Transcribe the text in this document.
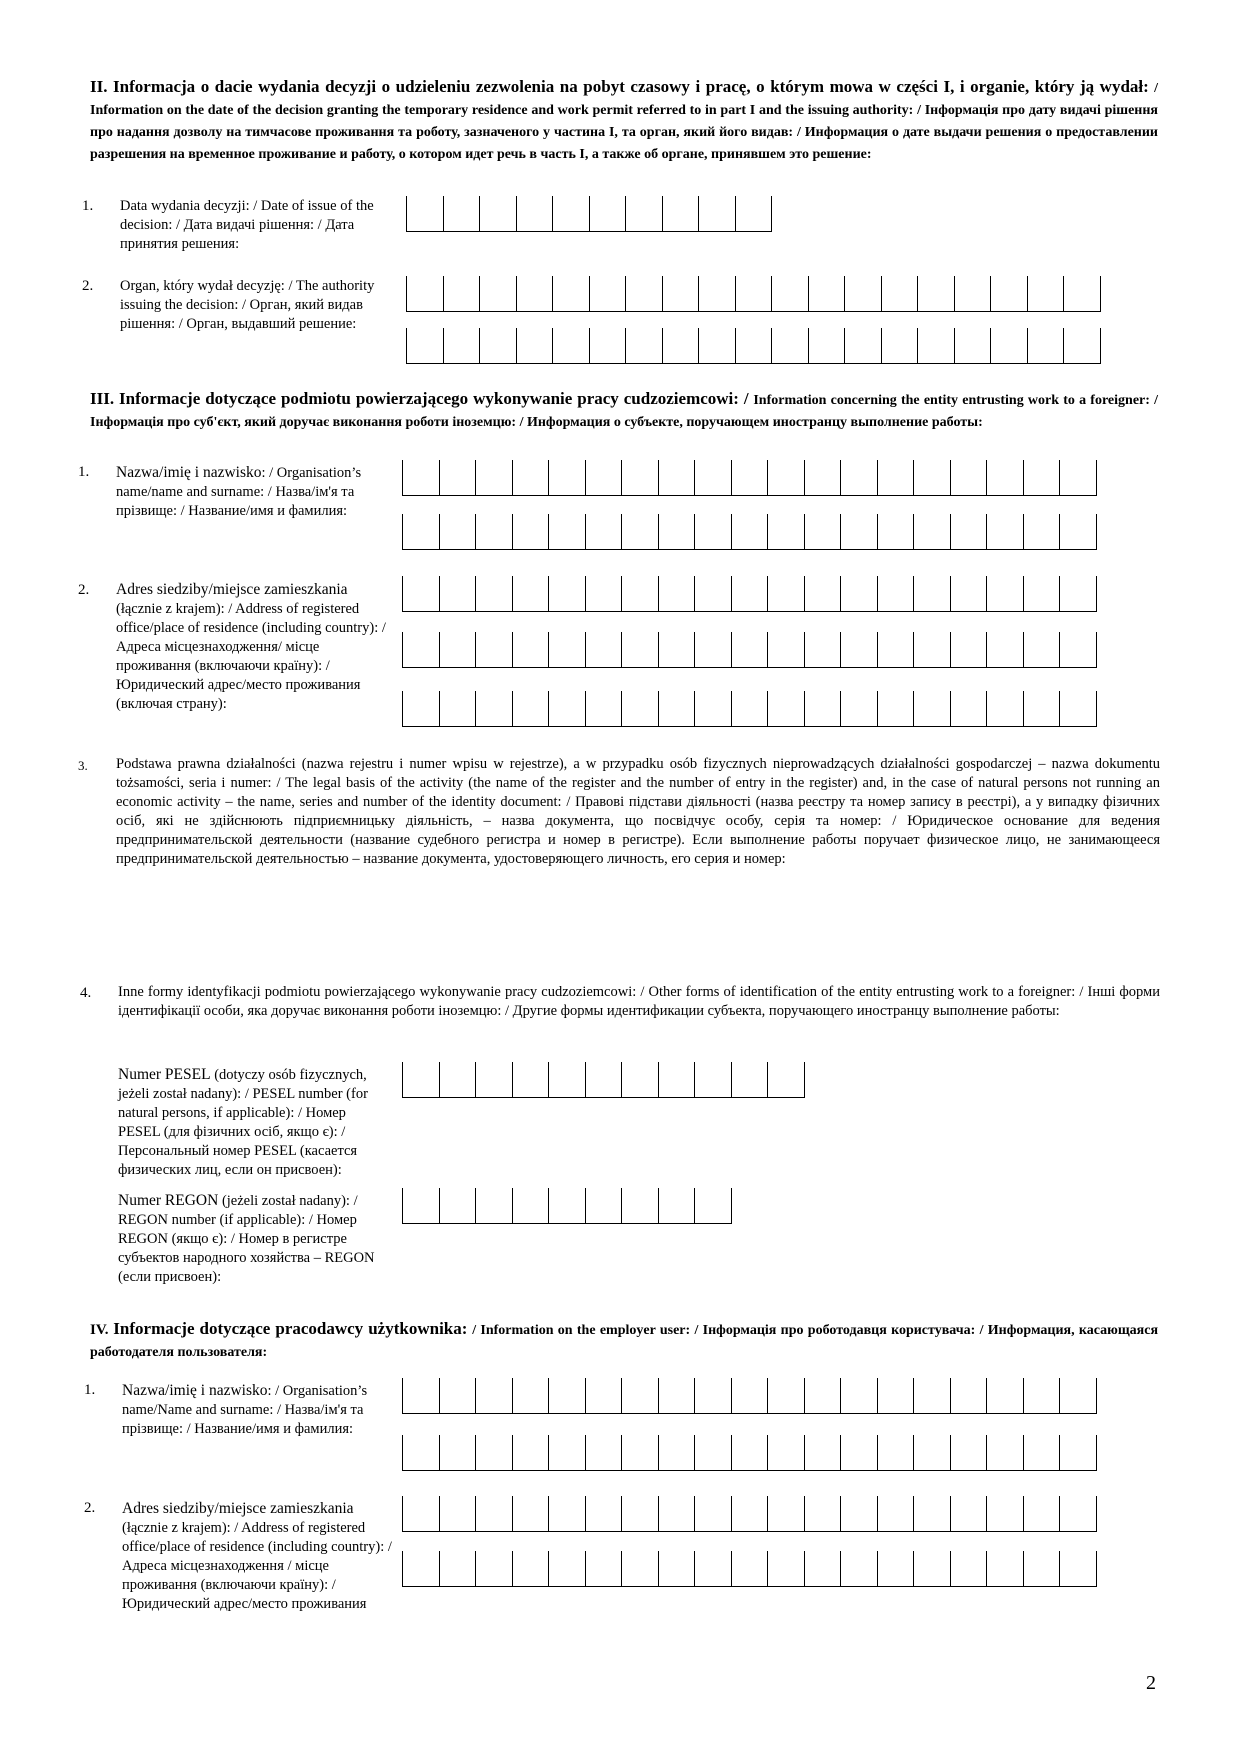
II. Informacja o dacie wydania decyzji o udzieleniu zezwolenia na pobyt czasowy i pracę, o którym mowa w części I, i organie, który ją wydał: / Information on the date of the decision granting the temporary residence and work permit referred to in part I and the issuing authority: / Інформація про дату видачі рішення про надання дозволу на тимчасове проживання та роботу, зазначеного у частина I, та орган, який його видав: / Информация о дате выдачи решения о предоставлении разрешения на временное проживание и работу, о котором идет речь в часть I, а также об органе, принявшем это решение:
1. Data wydania decyzji: / Date of issue of the decision: / Дата видачі рішення: / Дата принятия решения:
2. Organ, który wydał decyzję: / The authority issuing the decision: / Орган, який видав рішення: / Орган, выдавший решение:
III. Informacje dotyczące podmiotu powierzającego wykonywanie pracy cudzoziemcowi: / Information concerning the entity entrusting work to a foreigner: / Інформація про суб'єкт, який доручає виконання роботи іноземцю: / Информация о субъекте, поручающем иностранцу выполнение работы:
1. Nazwa/imię i nazwisko: / Organisation’s name/name and surname: / Назва/ім'я та прізвище: / Название/имя и фамилия:
2. Adres siedziby/miejsce zamieszkania (łącznie z krajem): / Address of registered office/place of residence (including country): / Адреса місцезнаходження/ місце проживання (включаючи країну): / Юридический адрес/место проживания (включая страну):
3. Podstawa prawna działalności (nazwa rejestru i numer wpisu w rejestrze), a w przypadku osób fizycznych nieprowadzących działalności gospodarczej – nazwa dokumentu tożsamości, seria i numer: / The legal basis of the activity (the name of the register and the number of entry in the register) and, in the case of natural persons not running an economic activity – the name, series and number of the identity document: / Правові підстави діяльності (назва реєстру та номер запису в реєстрі), а у випадку фізичних осіб, які не здійснюють підприємницьку діяльність, – назва документа, що посвідчує особу, серія та номер: / Юридическое основание для ведения предпринимательской деятельности (название судебного регистра и номер в регистре). Если выполнение работы поручает физическое лицо, не занимающееся предпринимательской деятельностью – название документа, удостоверяющего личность, его серия и номер:
4. Inne formy identyfikacji podmiotu powierzającego wykonywanie pracy cudzoziemcowi: / Other forms of identification of the entity entrusting work to a foreigner: / Інші форми ідентифікації особи, яка доручає виконання роботи іноземцю: / Другие формы идентификации субъекта, поручающего иностранцу выполнение работы:
Numer PESEL (dotyczy osób fizycznych, jeżeli został nadany): / PESEL number (for natural persons, if applicable): / Номер PESEL (для фізичних осіб, якщо є): / Персональный номер PESEL (касается физических лиц, если он присвоен):
Numer REGON (jeżeli został nadany): / REGON number (if applicable): / Номер REGON (якщо є): / Номер в регистре субъектов народного хозяйства – REGON (если присвоен):
IV. Informacje dotyczące pracodawcy użytkownika: / Information on the employer user: / Інформація про роботодавця користувача: / Информация, касающаяся работодателя пользователя:
1. Nazwa/imię i nazwisko: / Organisation’s name/Name and surname: / Назва/ім'я та прізвище: / Название/имя и фамилия:
2. Adres siedziby/miejsce zamieszkania (łącznie z krajem): / Address of registered office/place of residence (including country): / Адреса місцезнаходження / місце проживання (включаючи країну): / Юридический адрес/место проживания
2
